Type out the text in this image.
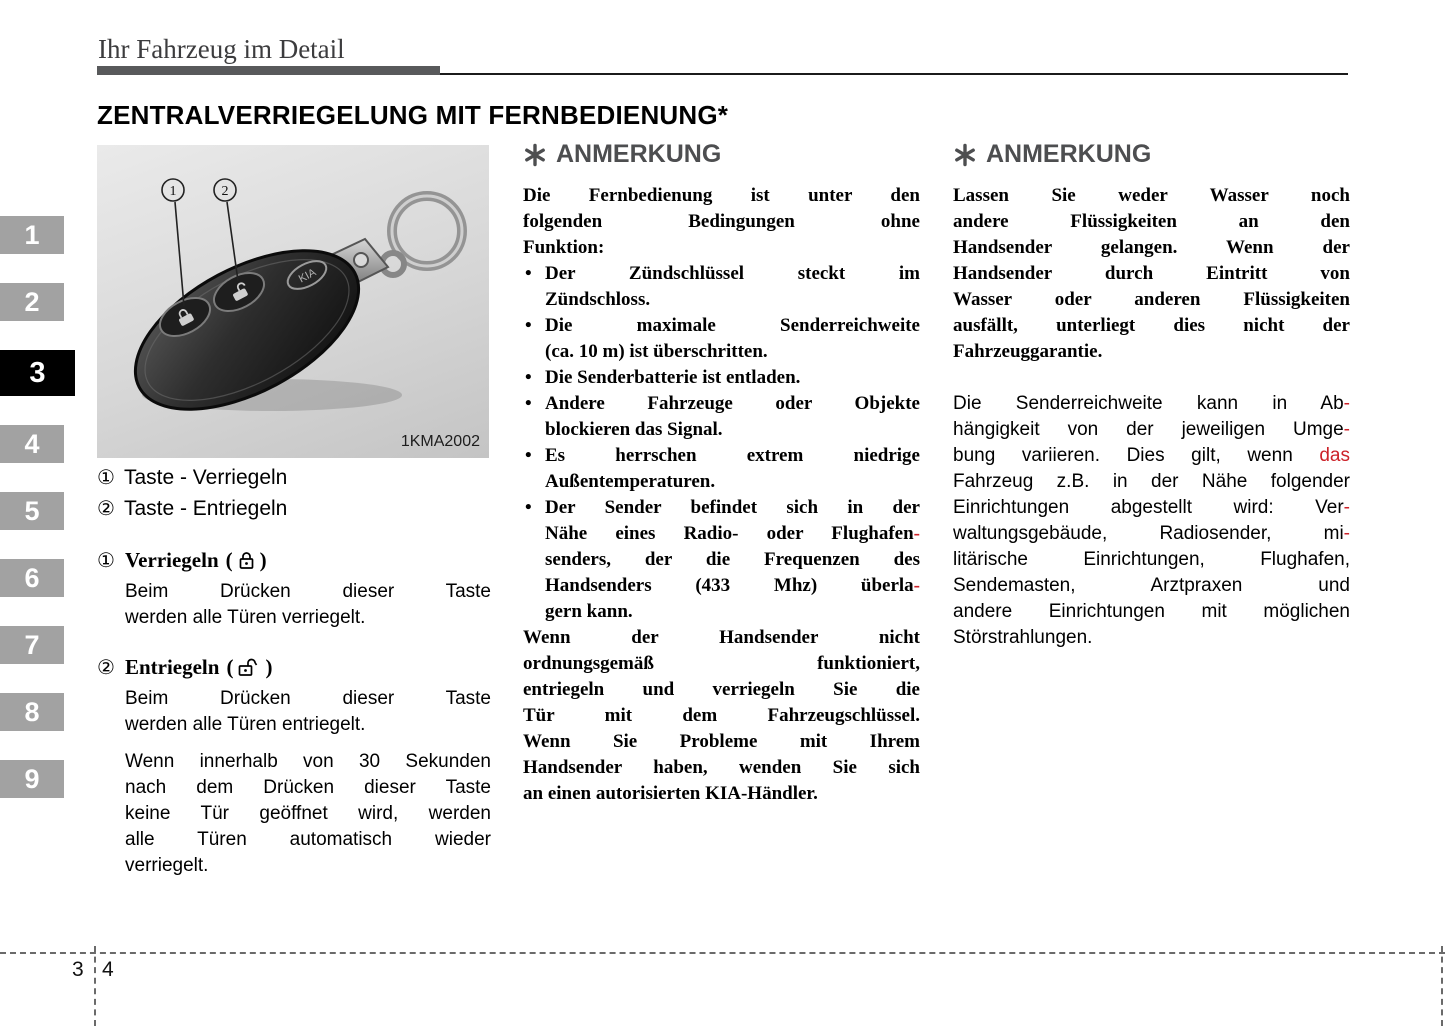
Ihr Fahrzeug im Detail
ZENTRALVERRIEGELUNG MIT FERNBEDIENUNG*
1
2
3
4
5
6
7
8
9
KIA
1	2
1KMA2002
① Taste - Verriegeln
② Taste - Entriegeln
① Verriegeln ( )
Beim Drücken dieser Taste
werden alle Türen verriegelt.
② Entriegeln ( )
Beim Drücken dieser Taste
werden alle Türen entriegelt.
Wenn innerhalb von 30 Sekunden
nach dem Drücken dieser Taste
keine Tür geöffnet wird, werden
alle Türen automatisch wieder
verriegelt.
ANMERKUNG
Die Fernbedienung ist unter den
folgenden Bedingungen ohne
Funktion:
• Der Zündschlüssel steckt im
Zündschloss.
• Die maximale Senderreichweite
(ca. 10 m) ist überschritten.
• Die Senderbatterie ist entladen.
• Andere Fahrzeuge oder Objekte
blockieren das Signal.
• Es herrschen extrem niedrige
Außentemperaturen.
• Der Sender befindet sich in der
Nähe eines Radio- oder Flughafen-
senders, der die Frequenzen des
Handsenders (433 Mhz) überla-
gern kann.
Wenn der Handsender nicht
ordnungsgemäß funktioniert,
entriegeln und verriegeln Sie die
Tür mit dem Fahrzeugschlüssel.
Wenn Sie Probleme mit Ihrem
Handsender haben, wenden Sie sich
an einen autorisierten KIA-Händler.
ANMERKUNG
Lassen Sie weder Wasser noch
andere Flüssigkeiten an den
Handsender gelangen. Wenn der
Handsender durch Eintritt von
Wasser oder anderen Flüssigkeiten
ausfällt, unterliegt dies nicht der
Fahrzeuggarantie.
Die Senderreichweite kann in Ab-
hängigkeit von der jeweiligen Umge-
bung variieren. Dies gilt, wenn das
Fahrzeug z.B. in der Nähe folgender
Einrichtungen abgestellt wird: Ver-
waltungsgebäude, Radiosender, mi-
litärische Einrichtungen, Flughafen,
Sendemasten, Arztpraxen und
andere Einrichtungen mit möglichen
Störstrahlungen.
3 4
